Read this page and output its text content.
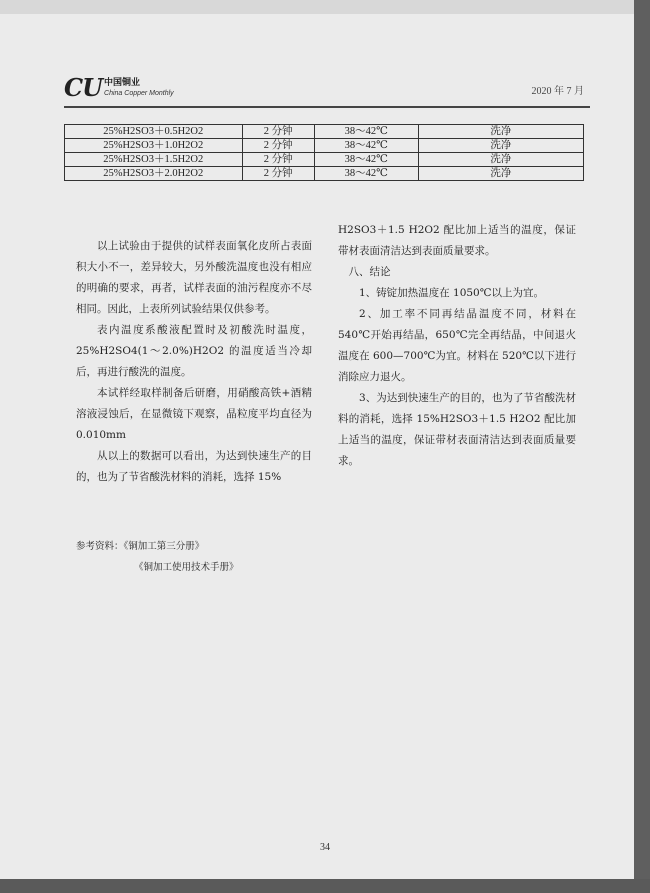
CU 中国铜业
China Copper Monthly	2020 年 7 月
25%H2SO3＋0.5H2O2	2 分钟	38～42℃	洗净
25%H2SO3＋1.0H2O2	2 分钟	38～42℃	洗净
25%H2SO3＋1.5H2O2	2 分钟	38～42℃	洗净
25%H2SO3＋2.0H2O2	2 分钟	38～42℃	洗净

以上试验由于提供的试样表面氧化皮所占表面积大小不一，差异较大，另外酸洗温度也没有相应的明确的要求，再者，试样表面的油污程度亦不尽相同。因此，上表所列试验结果仅供参考。

表内温度系酸液配置时及初酸洗时温度，25%H2SO4(1～2.0%)H2O2 的温度适当冷却后，再进行酸洗的温度。

本试样经取样制备后研磨，用硝酸高铁+酒精溶液浸蚀后，在显微镜下观察，晶粒度平均直径为 0.010mm

从以上的数据可以看出，为达到快速生产的目的，也为了节省酸洗材料的消耗，选择 15%

H2SO3＋1.5 H2O2 配比加上适当的温度，保证带材表面清洁达到表面质量要求。

八、结论

1、铸锭加热温度在 1050℃以上为宜。

2、加工率不同再结晶温度不同，材料在 540℃开始再结晶，650℃完全再结晶，中间退火温度在 600—700℃为宜。材料在 520℃以下进行消除应力退火。

3、为达到快速生产的目的，也为了节省酸洗材料的消耗，选择 15%H2SO3＋1.5 H2O2 配比加上适当的温度，保证带材表面清洁达到表面质量要求。

参考资料：《铜加工第三分册》
《铜加工使用技术手册》
34
